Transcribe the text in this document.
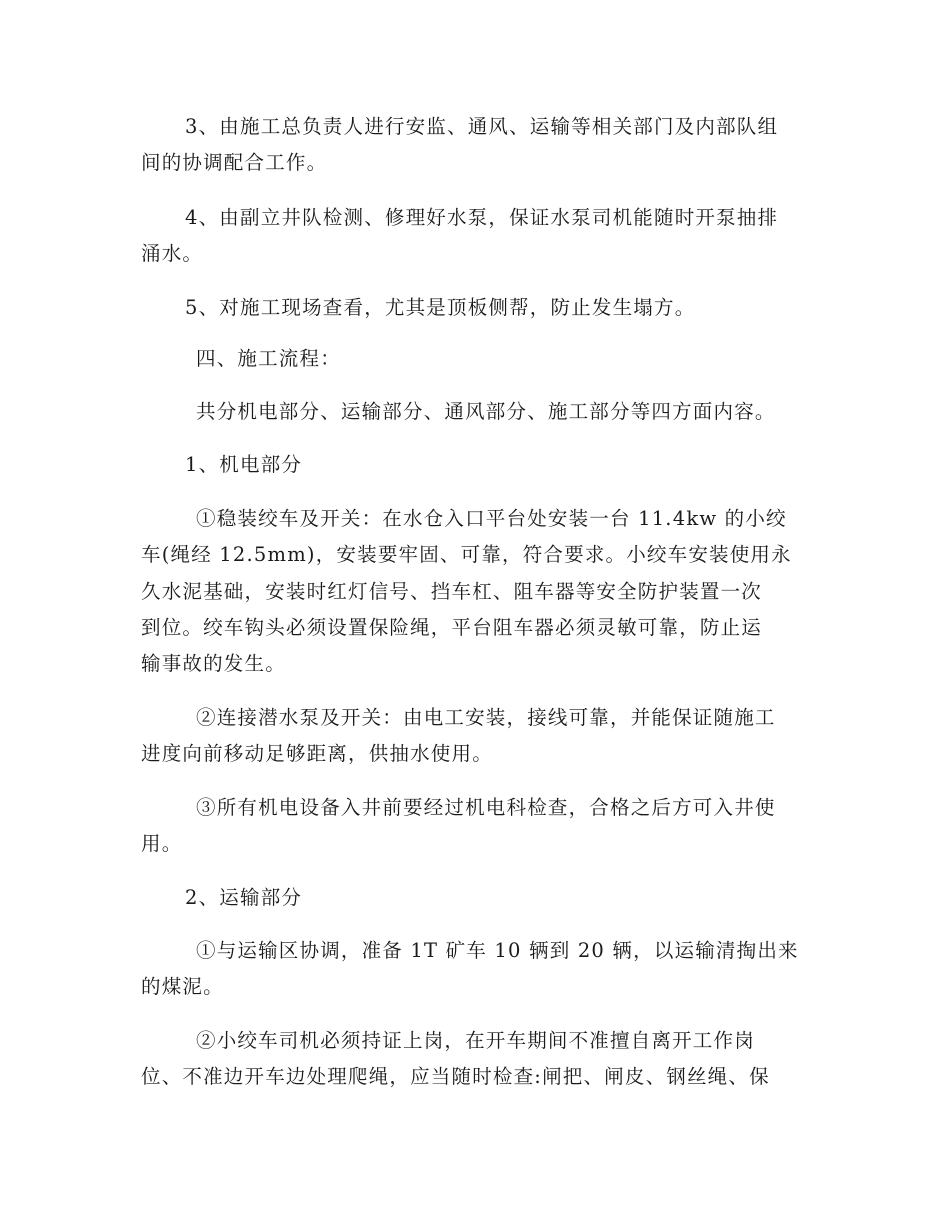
3、由施工总负责人进行安监、通风、运输等相关部门及内部队组
间的协调配合工作。
4、由副立井队检测、修理好水泵，保证水泵司机能随时开泵抽排
涌水。
5、对施工现场查看，尤其是顶板侧帮，防止发生塌方。
四、施工流程：
共分机电部分、运输部分、通风部分、施工部分等四方面内容。
1、机电部分
①稳装绞车及开关：在水仓入口平台处安装一台 11.4kw 的小绞
车(绳经 12.5mm)，安装要牢固、可靠，符合要求。小绞车安装使用永
久水泥基础，安装时红灯信号、挡车杠、阻车器等安全防护装置一次
到位。绞车钩头必须设置保险绳，平台阻车器必须灵敏可靠，防止运
输事故的发生。
②连接潜水泵及开关：由电工安装，接线可靠，并能保证随施工
进度向前移动足够距离，供抽水使用。
③所有机电设备入井前要经过机电科检查，合格之后方可入井使
用。
2、运输部分
①与运输区协调，准备 1T 矿车 10 辆到 20 辆，以运输清掏出来
的煤泥。
②小绞车司机必须持证上岗，在开车期间不准擅自离开工作岗
位、不准边开车边处理爬绳，应当随时检查:闸把、闸皮、钢丝绳、保
